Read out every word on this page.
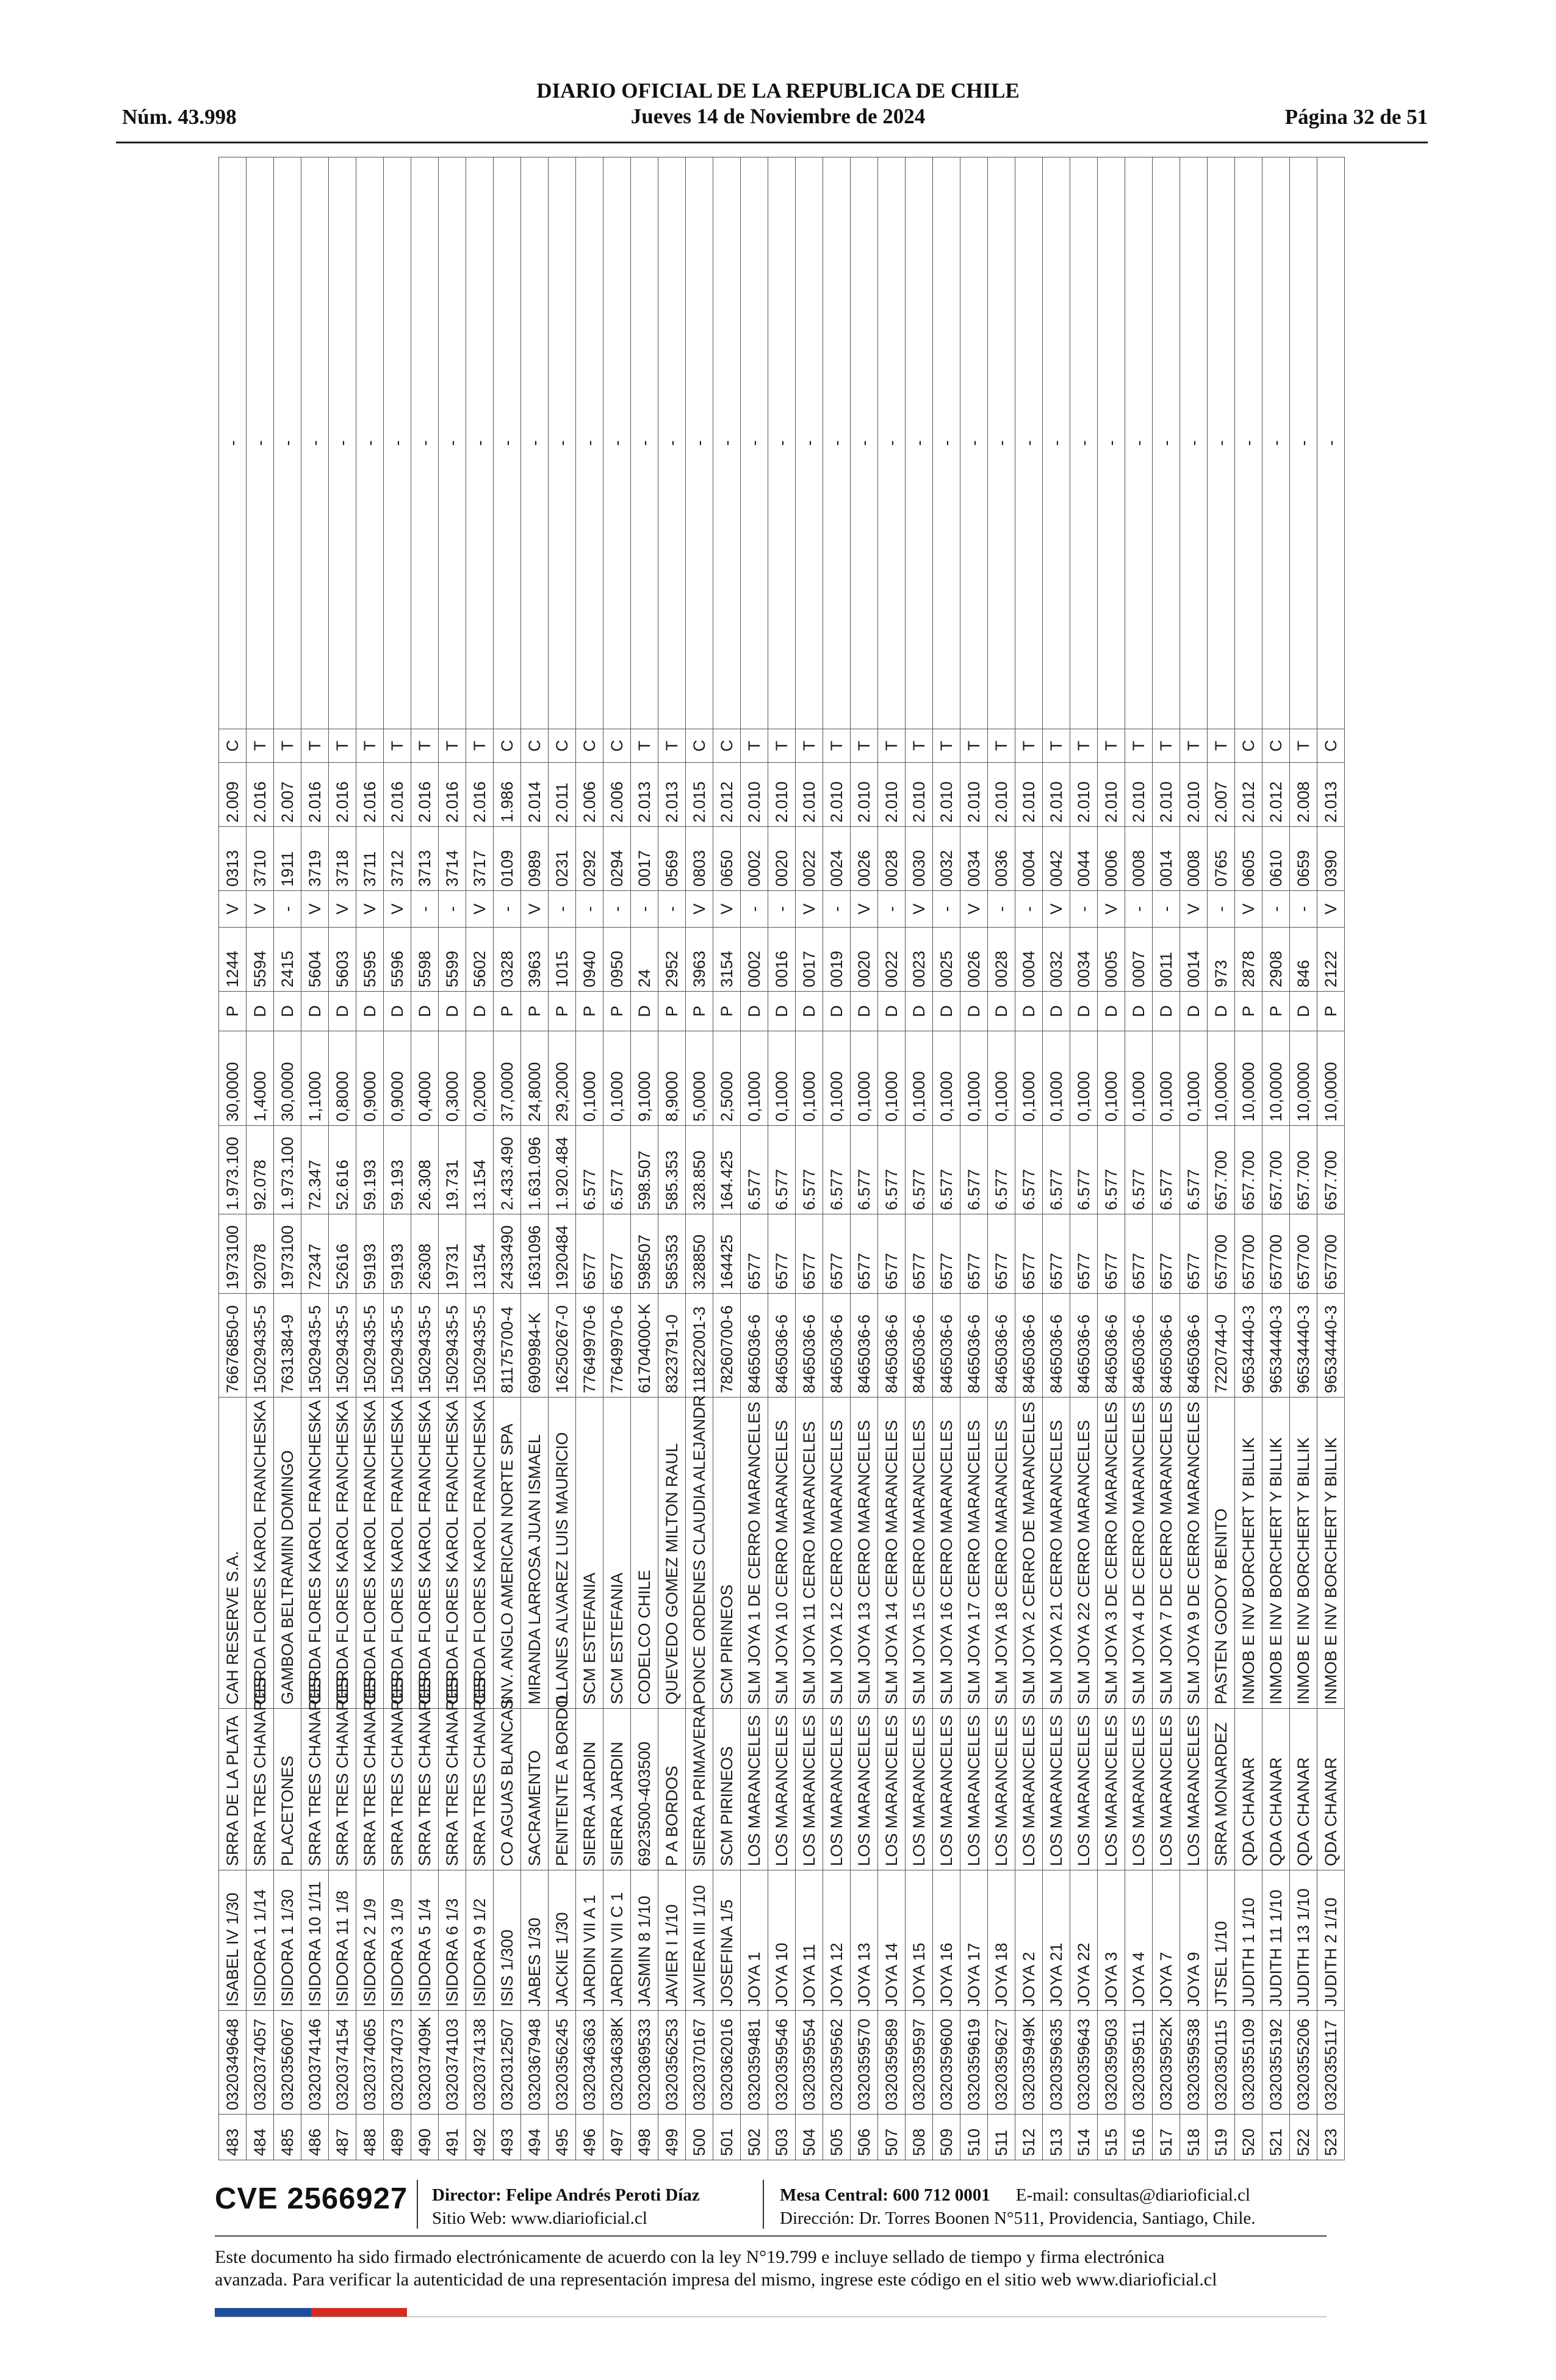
Núm. 43.998
DIARIO OFICIAL DE LA REPUBLICA DE CHILE
Jueves 14 de Noviembre de 2024	Página 32 de 51
483	0320349648	ISABEL IV 1/30	SRRA DE LA PLATA	CAH RESERVE S.A.	76676850-0	1973100	1.973.100	30,0000	P	1244	V	0313	2.009	C	-
484	0320374057	ISIDORA 1 1/14	SRRA TRES CHANARES	CERDA FLORES KAROL FRANCHESKA	15029435-5	92078	92.078	1,4000	D	5594	V	3710	2.016	T	-
485	0320356067	ISIDORA 1 1/30	PLACETONES	GAMBOA BELTRAMIN DOMINGO	7631384-9	1973100	1.973.100	30,0000	D	2415	-	1911	2.007	T	-
486	0320374146	ISIDORA 10 1/11	SRRA TRES CHANARES	CERDA FLORES KAROL FRANCHESKA	15029435-5	72347	72.347	1,1000	D	5604	V	3719	2.016	T	-
487	0320374154	ISIDORA 11 1/8	SRRA TRES CHANARES	CERDA FLORES KAROL FRANCHESKA	15029435-5	52616	52.616	0,8000	D	5603	V	3718	2.016	T	-
488	0320374065	ISIDORA 2 1/9	SRRA TRES CHANARES	CERDA FLORES KAROL FRANCHESKA	15029435-5	59193	59.193	0,9000	D	5595	V	3711	2.016	T	-
489	0320374073	ISIDORA 3 1/9	SRRA TRES CHANARES	CERDA FLORES KAROL FRANCHESKA	15029435-5	59193	59.193	0,9000	D	5596	V	3712	2.016	T	-
490	032037409K	ISIDORA 5 1/4	SRRA TRES CHANARES	CERDA FLORES KAROL FRANCHESKA	15029435-5	26308	26.308	0,4000	D	5598	-	3713	2.016	T	-
491	0320374103	ISIDORA 6 1/3	SRRA TRES CHANARES	CERDA FLORES KAROL FRANCHESKA	15029435-5	19731	19.731	0,3000	D	5599	-	3714	2.016	T	-
492	0320374138	ISIDORA 9 1/2	SRRA TRES CHANARES	CERDA FLORES KAROL FRANCHESKA	15029435-5	13154	13.154	0,2000	D	5602	V	3717	2.016	T	-
493	0320312507	ISIS 1/300	CO AGUAS BLANCAS	INV. ANGLO AMERICAN NORTE SPA	81175700-4	2433490	2.433.490	37,0000	P	0328	-	0109	1.986	C	-
494	0320367948	JABES 1/30	SACRAMENTO	MIRANDA LARROSA JUAN ISMAEL	6909984-K	1631096	1.631.096	24,8000	P	3963	V	0989	2.014	C	-
495	0320356245	JACKIE 1/30	PENITENTE A BORDO	ILLANES ALVAREZ LUIS MAURICIO	16250267-0	1920484	1.920.484	29,2000	P	1015	-	0231	2.011	C	-
496	0320346363	JARDIN VII A 1	SIERRA JARDIN	SCM ESTEFANIA	77649970-6	6577	6.577	0,1000	P	0940	-	0292	2.006	C	-
497	032034638K	JARDIN VII C 1	SIERRA JARDIN	SCM ESTEFANIA	77649970-6	6577	6.577	0,1000	P	0950	-	0294	2.006	C	-
498	0320369533	JASMIN 8 1/10	6923500-403500	CODELCO CHILE	61704000-K	598507	598.507	9,1000	D	24	-	0017	2.013	T	-
499	0320356253	JAVIER I 1/10	P A BORDOS	QUEVEDO GOMEZ MILTON RAUL	8323791-0	585353	585.353	8,9000	P	2952	-	0569	2.013	T	-
500	0320370167	JAVIERA III 1/10	SIERRA PRIMAVERA	PONCE ORDENES CLAUDIA ALEJANDR	11822001-3	328850	328.850	5,0000	P	3963	V	0803	2.015	C	-
501	0320362016	JOSEFINA 1/5	SCM PIRINEOS	SCM PIRINEOS	78260700-6	164425	164.425	2,5000	P	3154	V	0650	2.012	C	-
502	0320359481	JOYA 1	LOS MARANCELES	SLM JOYA 1 DE CERRO MARANCELES	8465036-6	6577	6.577	0,1000	D	0002	-	0002	2.010	T	-
503	0320359546	JOYA 10	LOS MARANCELES	SLM JOYA 10 CERRO MARANCELES	8465036-6	6577	6.577	0,1000	D	0016	-	0020	2.010	T	-
504	0320359554	JOYA 11	LOS MARANCELES	SLM JOYA 11 CERRO MARANCELES	8465036-6	6577	6.577	0,1000	D	0017	V	0022	2.010	T	-
505	0320359562	JOYA 12	LOS MARANCELES	SLM JOYA 12 CERRO MARANCELES	8465036-6	6577	6.577	0,1000	D	0019	-	0024	2.010	T	-
506	0320359570	JOYA 13	LOS MARANCELES	SLM JOYA 13 CERRO MARANCELES	8465036-6	6577	6.577	0,1000	D	0020	V	0026	2.010	T	-
507	0320359589	JOYA 14	LOS MARANCELES	SLM JOYA 14 CERRO MARANCELES	8465036-6	6577	6.577	0,1000	D	0022	-	0028	2.010	T	-
508	0320359597	JOYA 15	LOS MARANCELES	SLM JOYA 15 CERRO MARANCELES	8465036-6	6577	6.577	0,1000	D	0023	V	0030	2.010	T	-
509	0320359600	JOYA 16	LOS MARANCELES	SLM JOYA 16 CERRO MARANCELES	8465036-6	6577	6.577	0,1000	D	0025	-	0032	2.010	T	-
510	0320359619	JOYA 17	LOS MARANCELES	SLM JOYA 17 CERRO MARANCELES	8465036-6	6577	6.577	0,1000	D	0026	V	0034	2.010	T	-
511	0320359627	JOYA 18	LOS MARANCELES	SLM JOYA 18 CERRO MARANCELES	8465036-6	6577	6.577	0,1000	D	0028	-	0036	2.010	T	-
512	032035949K	JOYA 2	LOS MARANCELES	SLM JOYA 2 CERRO DE MARANCELES	8465036-6	6577	6.577	0,1000	D	0004	-	0004	2.010	T	-
513	0320359635	JOYA 21	LOS MARANCELES	SLM JOYA 21 CERRO MARANCELES	8465036-6	6577	6.577	0,1000	D	0032	V	0042	2.010	T	-
514	0320359643	JOYA 22	LOS MARANCELES	SLM JOYA 22 CERRO MARANCELES	8465036-6	6577	6.577	0,1000	D	0034	-	0044	2.010	T	-
515	0320359503	JOYA 3	LOS MARANCELES	SLM JOYA 3 DE CERRO MARANCELES	8465036-6	6577	6.577	0,1000	D	0005	V	0006	2.010	T	-
516	0320359511	JOYA 4	LOS MARANCELES	SLM JOYA 4 DE CERRO MARANCELES	8465036-6	6577	6.577	0,1000	D	0007	-	0008	2.010	T	-
517	032035952K	JOYA 7	LOS MARANCELES	SLM JOYA 7 DE CERRO MARANCELES	8465036-6	6577	6.577	0,1000	D	0011	-	0014	2.010	T	-
518	0320359538	JOYA 9	LOS MARANCELES	SLM JOYA 9 DE CERRO MARANCELES	8465036-6	6577	6.577	0,1000	D	0014	V	0008	2.010	T	-
519	0320350115	JTSEL 1/10	SRRA MONARDEZ	PASTEN GODOY BENITO	7220744-0	657700	657.700	10,0000	D	973	-	0765	2.007	T	-
520	0320355109	JUDITH 1 1/10	QDA CHANAR	INMOB E INV BORCHERT Y BILLIK	96534440-3	657700	657.700	10,0000	P	2878	V	0605	2.012	C	-
521	0320355192	JUDITH 11 1/10	QDA CHANAR	INMOB E INV BORCHERT Y BILLIK	96534440-3	657700	657.700	10,0000	P	2908	-	0610	2.012	C	-
522	0320355206	JUDITH 13 1/10	QDA CHANAR	INMOB E INV BORCHERT Y BILLIK	96534440-3	657700	657.700	10,0000	D	846	-	0659	2.008	T	-
523	0320355117	JUDITH 2 1/10	QDA CHANAR	INMOB E INV BORCHERT Y BILLIK	96534440-3	657700	657.700	10,0000	P	2122	V	0390	2.013	C	-
CVE 2566927 Director: Felipe Andrés Peroti Díaz
Sitio Web: www.diarioficial.cl
Mesa Central: 600 712 0001 E-mail: consultas@diarioficial.cl
Dirección: Dr. Torres Boonen N°511, Providencia, Santiago, Chile.
Este documento ha sido firmado electrónicamente de acuerdo con la ley N°19.799 e incluye sellado de tiempo y firma electrónica
avanzada. Para verificar la autenticidad de una representación impresa del mismo, ingrese este código en el sitio web www.diarioficial.cl
